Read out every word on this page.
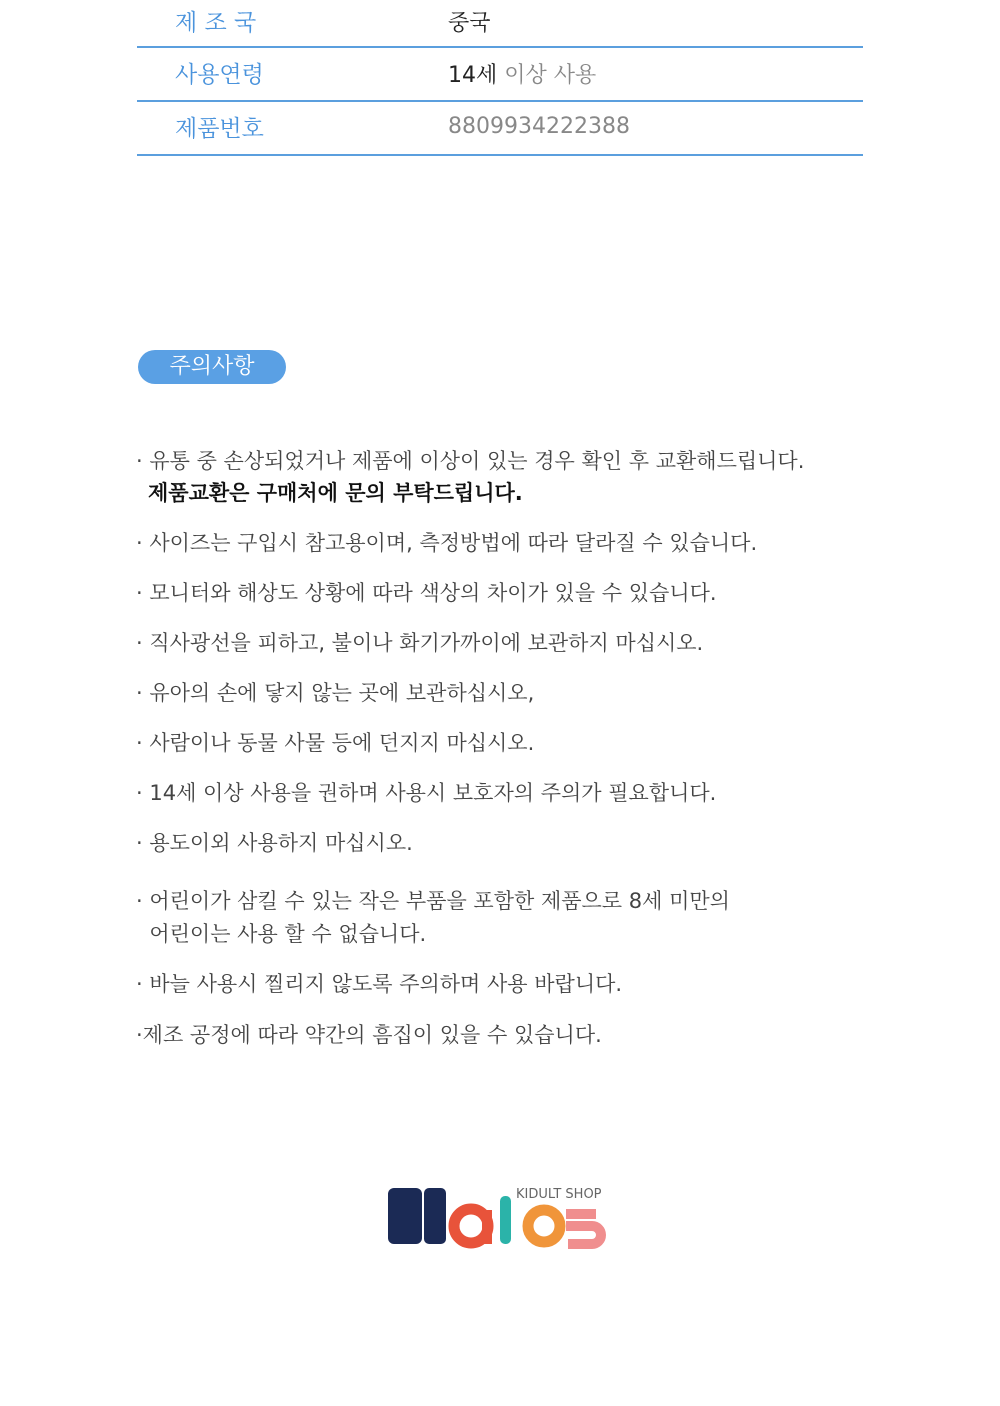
제 조 국	중국
사용연령	14세 이상 사용
제품번호	8809934222388
주의사항
· 유통 중 손상되었거나 제품에 이상이 있는 경우 확인 후 교환해드립니다.
제품교환은 구매처에 문의 부탁드립니다.
· 사이즈는 구입시 참고용이며, 측정방법에 따라 달라질 수 있습니다.
· 모니터와 해상도 상황에 따라 색상의 차이가 있을 수 있습니다.
· 직사광선을 피하고, 불이나 화기가까이에 보관하지 마십시오.
· 유아의 손에 닿지 않는 곳에 보관하십시오,
· 사람이나 동물 사물 등에 던지지 마십시오.
· 14세 이상 사용을 권하며 사용시 보호자의 주의가 필요합니다.
· 용도이외 사용하지 마십시오.
· 어린이가 삼킬 수 있는 작은 부품을 포함한 제품으로 8세 미만의
어린이는 사용 할 수 없습니다.
· 바늘 사용시 찔리지 않도록 주의하며 사용 바랍니다.
·제조 공정에 따라 약간의 흠집이 있을 수 있습니다.
KIDULT SHOP
